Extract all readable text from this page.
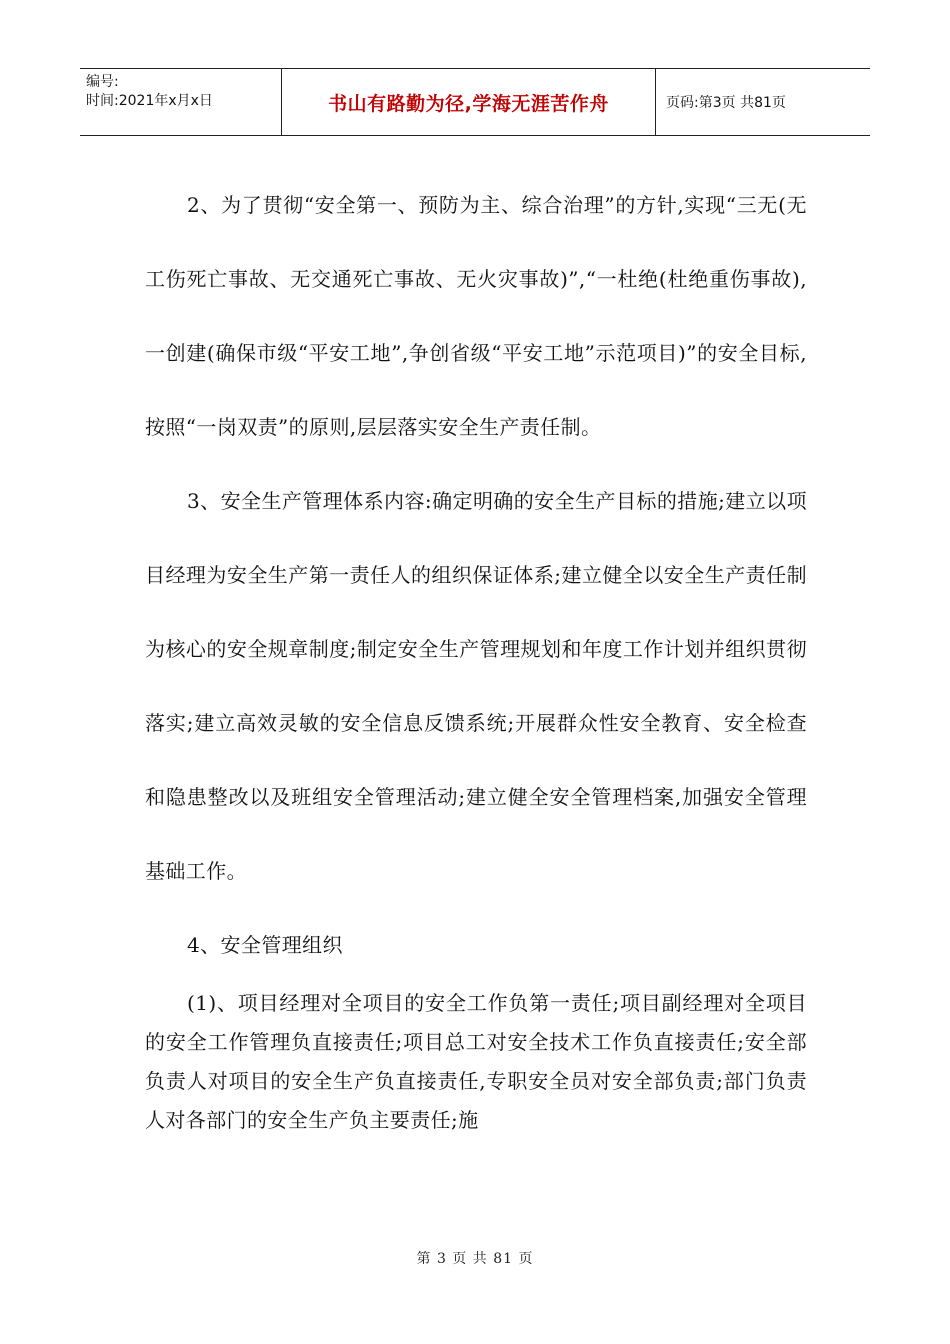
编号:
时间:2021年x月x日	书山有路勤为径,学海无涯苦作舟	页码:第3页 共81页

2、为了贯彻“安全第一、预防为主、综合治理”的方针,实现“三无(无工伤死亡事故、无交通死亡事故、无火灾事故)”,“一杜绝(杜绝重伤事故),一创建(确保市级“平安工地”,争创省级“平安工地”示范项目)”的安全目标,按照“一岗双责”的原则,层层落实安全生产责任制。

3、安全生产管理体系内容:确定明确的安全生产目标的措施;建立以项目经理为安全生产第一责任人的组织保证体系;建立健全以安全生产责任制为核心的安全规章制度;制定安全生产管理规划和年度工作计划并组织贯彻落实;建立高效灵敏的安全信息反馈系统;开展群众性安全教育、安全检查和隐患整改以及班组安全管理活动;建立健全安全管理档案,加强安全管理基础工作。

4、安全管理组织

(1)、项目经理对全项目的安全工作负第一责任;项目副经理对全项目的安全工作管理负直接责任;项目总工对安全技术工作负直接责任;安全部负责人对项目的安全生产负直接责任,专职安全员对安全部负责;部门负责人对各部门的安全生产负主要责任;施

第 3 页 共 81 页
